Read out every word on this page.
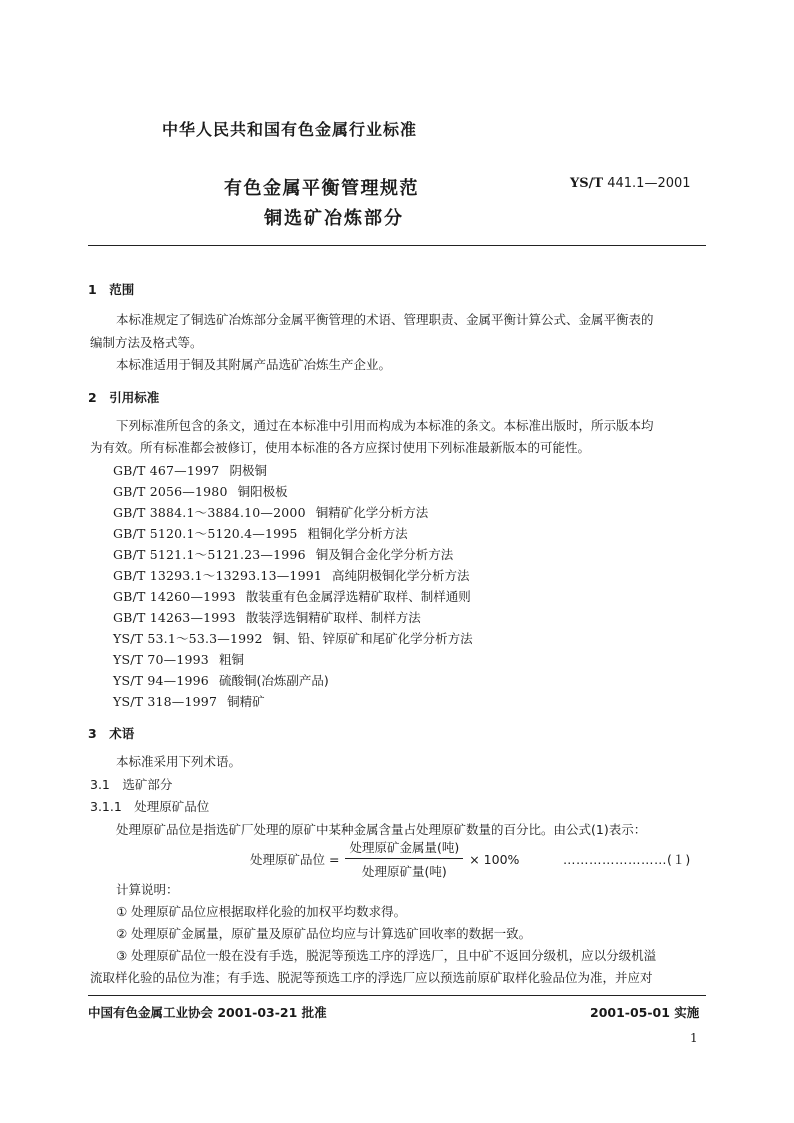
中华人民共和国有色金属行业标准
有色金属平衡管理规范
铜选矿冶炼部分
YS/T 441.1—2001
1　范围
本标准规定了铜选矿冶炼部分金属平衡管理的术语、管理职责、金属平衡计算公式、金属平衡表的
编制方法及格式等。
本标准适用于铜及其附属产品选矿冶炼生产企业。
2　引用标准
下列标准所包含的条文，通过在本标准中引用而构成为本标准的条文。本标准出版时，所示版本均
为有效。所有标准都会被修订，使用本标准的各方应探讨使用下列标准最新版本的可能性。
GB/T 467—1997 阴极铜
GB/T 2056—1980 铜阳极板
GB/T 3884.1～3884.10—2000 铜精矿化学分析方法
GB/T 5120.1～5120.4—1995 粗铜化学分析方法
GB/T 5121.1～5121.23—1996 铜及铜合金化学分析方法
GB/T 13293.1～13293.13—1991 高纯阴极铜化学分析方法
GB/T 14260—1993 散装重有色金属浮选精矿取样、制样通则
GB/T 14263—1993 散装浮选铜精矿取样、制样方法
YS/T 53.1～53.3—1992 铜、铅、锌原矿和尾矿化学分析方法
YS/T 70—1993 粗铜
YS/T 94—1996 硫酸铜(冶炼副产品)
YS/T 318—1997 铜精矿
3　术语
本标准采用下列术语。
3.1　选矿部分
3.1.1　处理原矿品位
处理原矿品位是指选矿厂处理的原矿中某种金属含量占处理原矿数量的百分比。由公式(1)表示：
处理原矿品位 = $\frac{\text{处理原矿金属量(吨)}}{\text{处理原矿量(吨)}} \times 100\%$	……………………(１)
计算说明：
① 处理原矿品位应根据取样化验的加权平均数求得。
② 处理原矿金属量，原矿量及原矿品位均应与计算选矿回收率的数据一致。
③ 处理原矿品位一般在没有手选，脱泥等预选工序的浮选厂，且中矿不返回分级机，应以分级机溢
流取样化验的品位为准；有手选、脱泥等预选工序的浮选厂应以预选前原矿取样化验品位为准，并应对
中国有色金属工业协会 2001-03-21 批准	2001-05-01 实施
1
